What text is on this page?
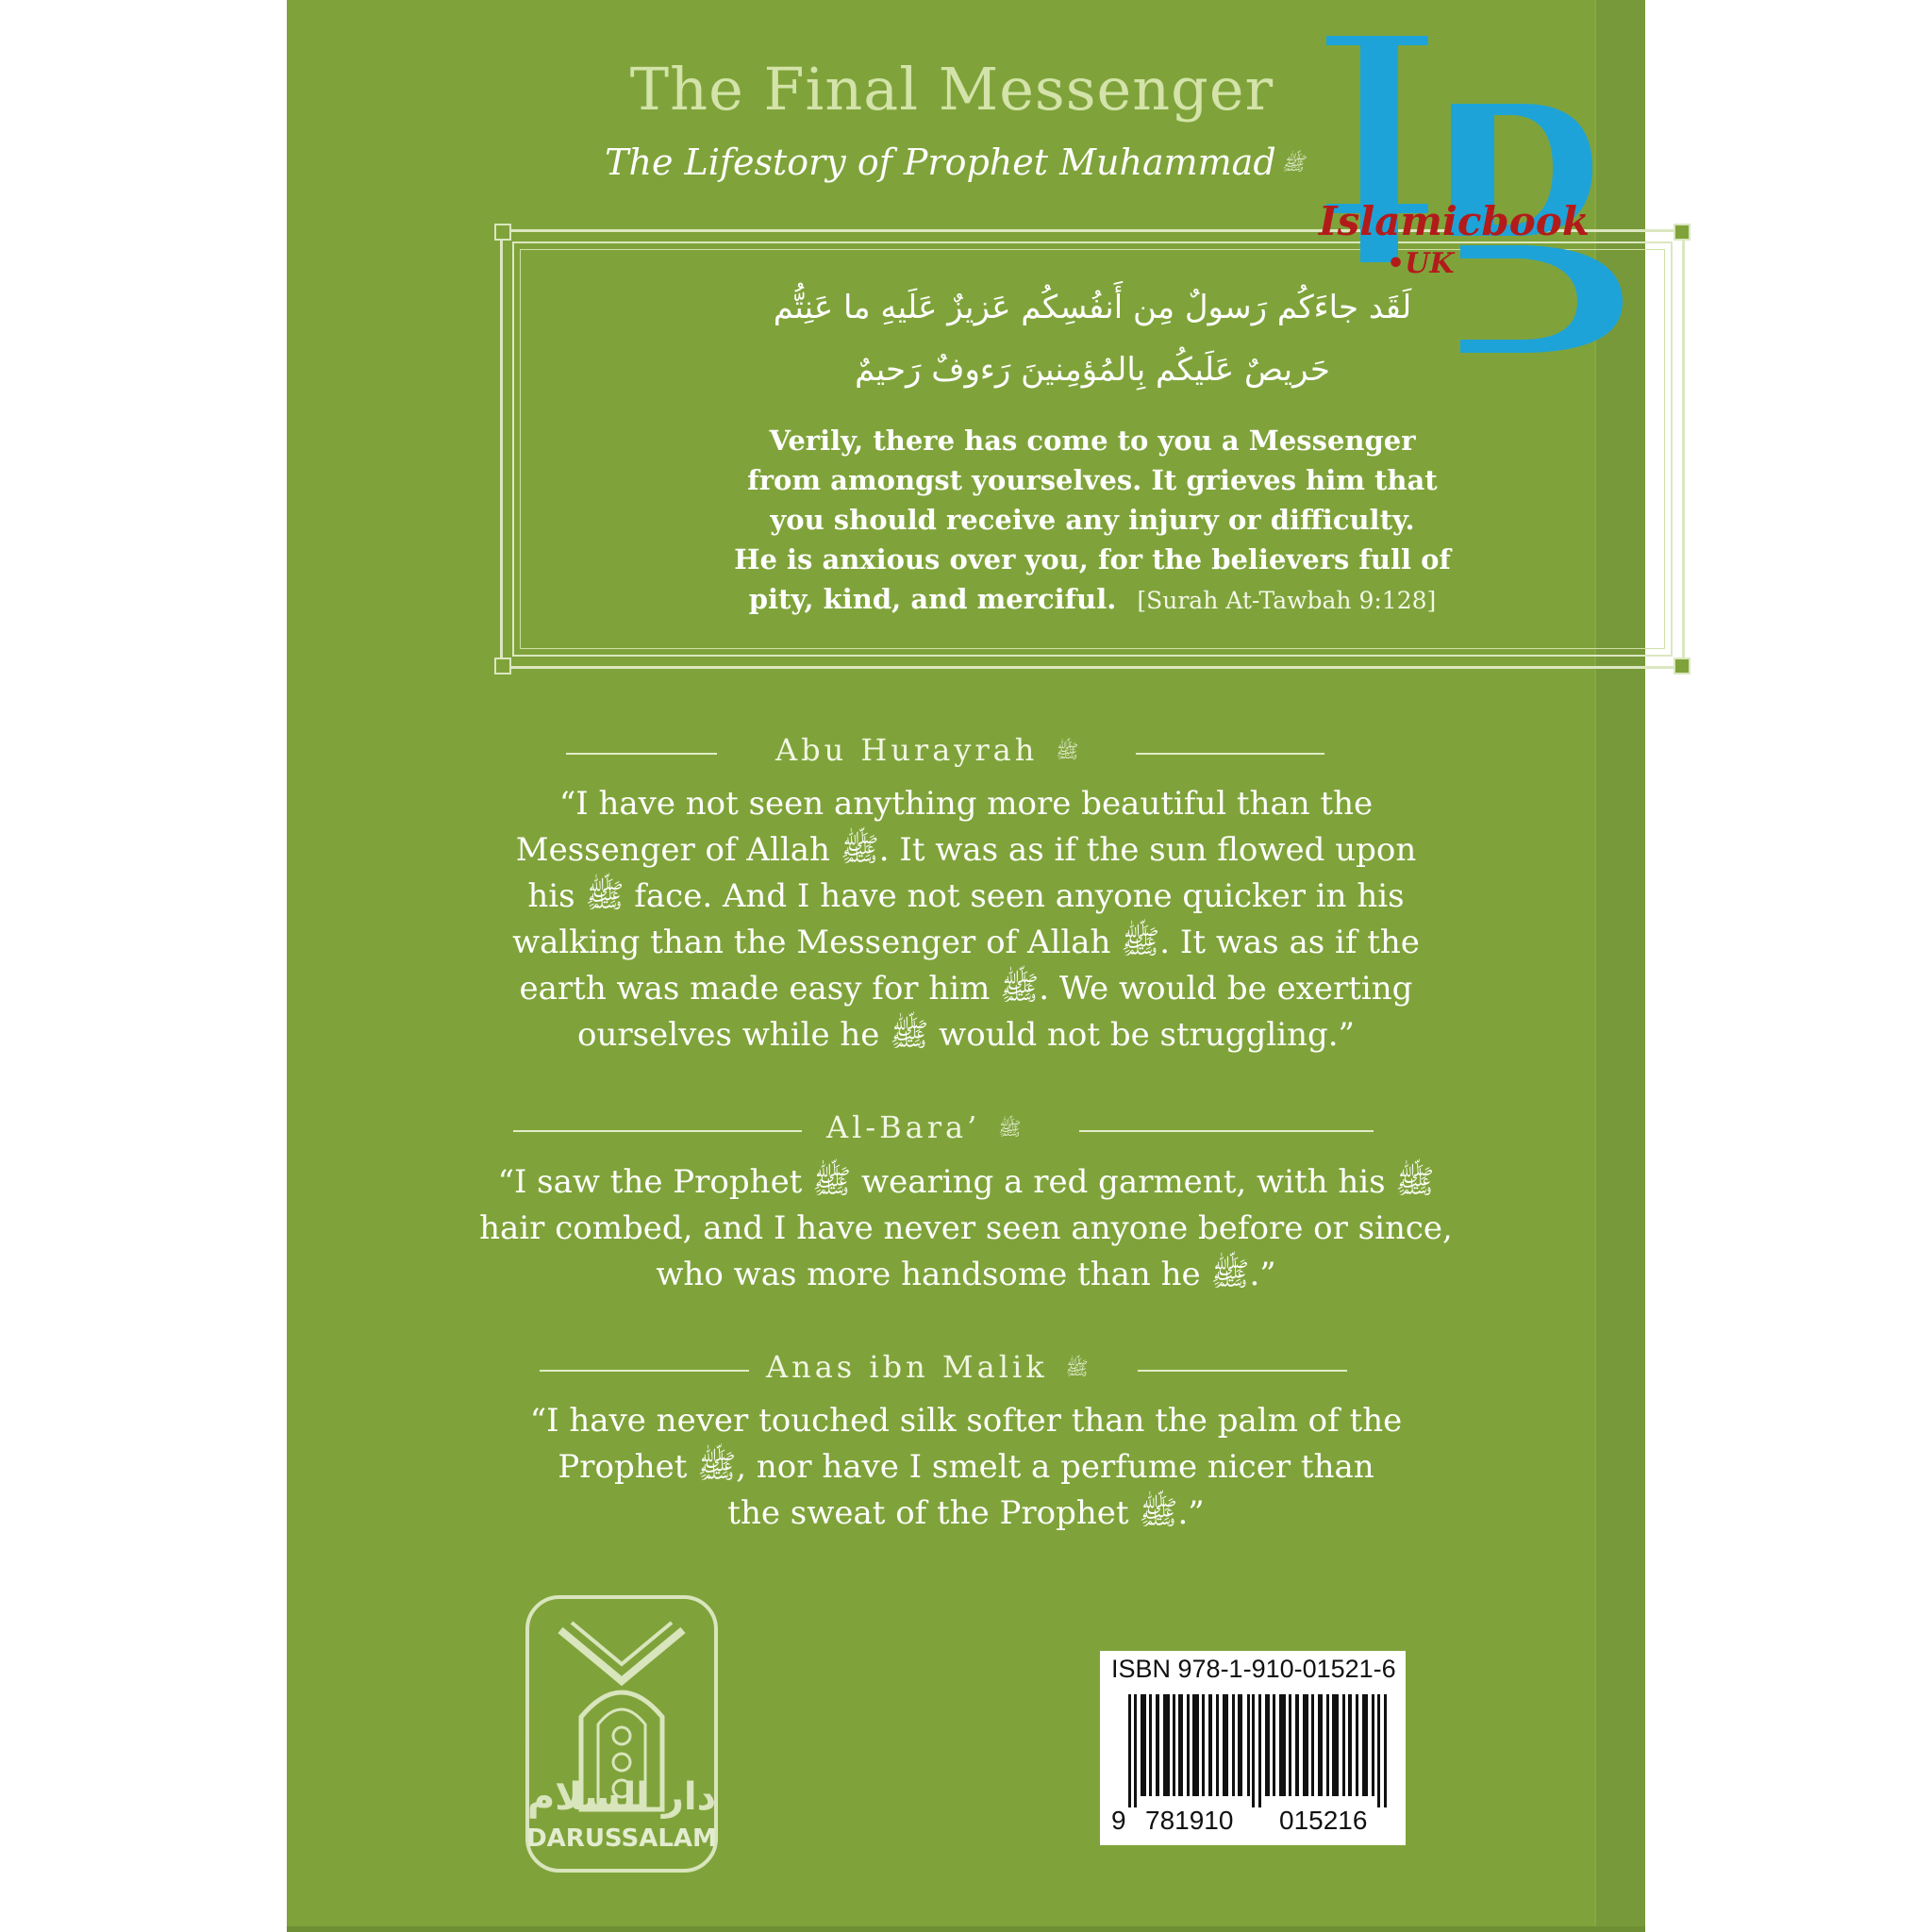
The Final Messenger
The Lifestory of Prophet Muhammad ﷺ
لَقَد جاءَكُم رَسولٌ مِن أَنفُسِكُم عَزيزٌ عَلَيهِ ما عَنِتُّم
حَريصٌ عَلَيكُم بِالمُؤمِنينَ رَءوفٌ رَحيمٌ
Verily, there has come to you a Messenger
from amongst yourselves. It grieves him that
you should receive any injury or difficulty.
He is anxious over you, for the believers full of
pity, kind, and merciful. [Surah At-Tawbah 9:128]
Abu Hurayrah ﷺ
“I have not seen anything more beautiful than the
Messenger of Allah ﷺ. It was as if the sun flowed upon
his ﷺ face. And I have not seen anyone quicker in his
walking than the Messenger of Allah ﷺ. It was as if the
earth was made easy for him ﷺ. We would be exerting
ourselves while he ﷺ would not be struggling.”
Al-Bara’ ﷺ
“I saw the Prophet ﷺ wearing a red garment, with his ﷺ
hair combed, and I have never seen anyone before or since,
who was more handsome than he ﷺ.”
Anas ibn Malik ﷺ
“I have never touched silk softer than the palm of the
Prophet ﷺ, nor have I smelt a perfume nicer than
the sweat of the Prophet ﷺ.”
دار السلام
DARUSSALAM
ISBN 978-1-910-01521-6
9 781910 015216
Islamicbook
•UK
